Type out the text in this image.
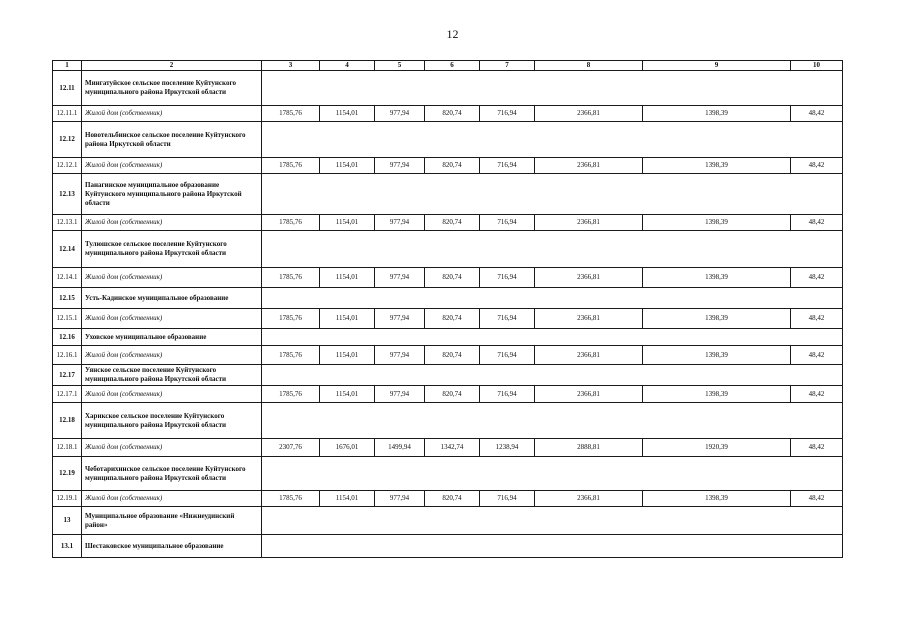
12
1	2	3	4	5	6	7	8	9	10
12.11	Мингатуйское сельское поселение Куйтунского муниципального района Иркутской области								
12.11.1	Жилой дом (собственник)	1785,76	1154,01	977,94	820,74	716,94	2366,81	1398,39	48,42
12.12	Новотельбинское сельское поселение Куйтунского района Иркутской области								
12.12.1	Жилой дом (собственник)	1785,76	1154,01	977,94	820,74	716,94	2366,81	1398,39	48,42
12.13	Панагинское муниципальное образование Куйтунского муниципального района Иркутской области								
12.13.1	Жилой дом (собственник)	1785,76	1154,01	977,94	820,74	716,94	2366,81	1398,39	48,42
12.14	Тулюшское сельское поселение Куйтунского муниципального района Иркутской области								
12.14.1	Жилой дом (собственник)	1785,76	1154,01	977,94	820,74	716,94	2366,81	1398,39	48,42
12.15	Усть-Кадинское муниципальное образование								
12.15.1	Жилой дом (собственник)	1785,76	1154,01	977,94	820,74	716,94	2366,81	1398,39	48,42
12.16	Уховское муниципальное образование								
12.16.1	Жилой дом (собственник)	1785,76	1154,01	977,94	820,74	716,94	2366,81	1398,39	48,42
12.17	Уянское сельское поселение Куйтунского муниципального района Иркутской области								
12.17.1	Жилой дом (собственник)	1785,76	1154,01	977,94	820,74	716,94	2366,81	1398,39	48,42
12.18	Харикское сельское поселение Куйтунского муниципального района Иркутской области								
12.18.1	Жилой дом (собственник)	2307,76	1676,01	1499,94	1342,74	1238,94	2888,81	1920,39	48,42
12.19	Чеботарихинское сельское поселение Куйтунского муниципального района Иркутской области								
12.19.1	Жилой дом (собственник)	1785,76	1154,01	977,94	820,74	716,94	2366,81	1398,39	48,42
13	Муниципальное образование «Нижнеудинский район»								
13.1	Шестаковское муниципальное образование								
